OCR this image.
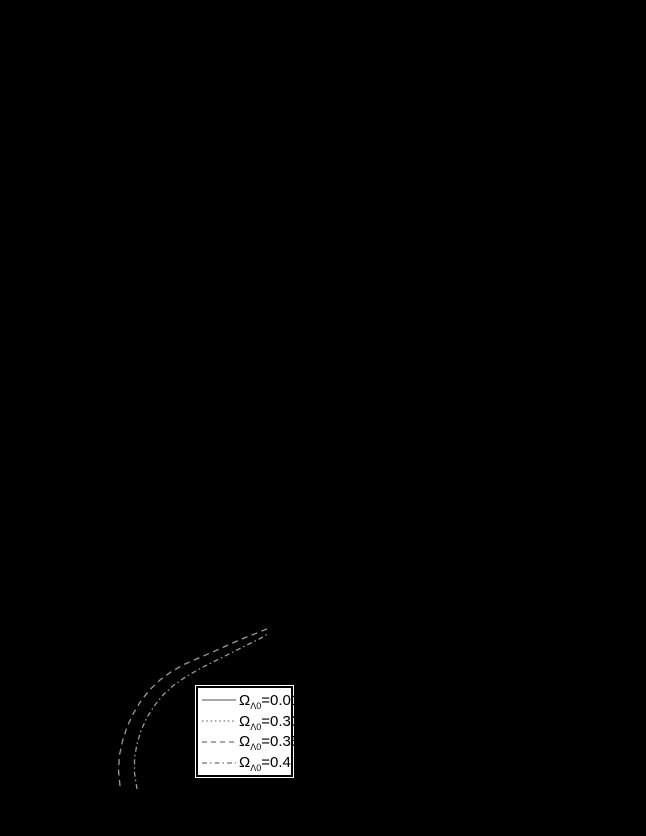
$\Omega_{\Lambda 0}=0.01$
$\Omega_{\Lambda 0}=0.33$
$\Omega_{\Lambda 0}=0.35$
$\Omega_{\Lambda 0}=0.4$
